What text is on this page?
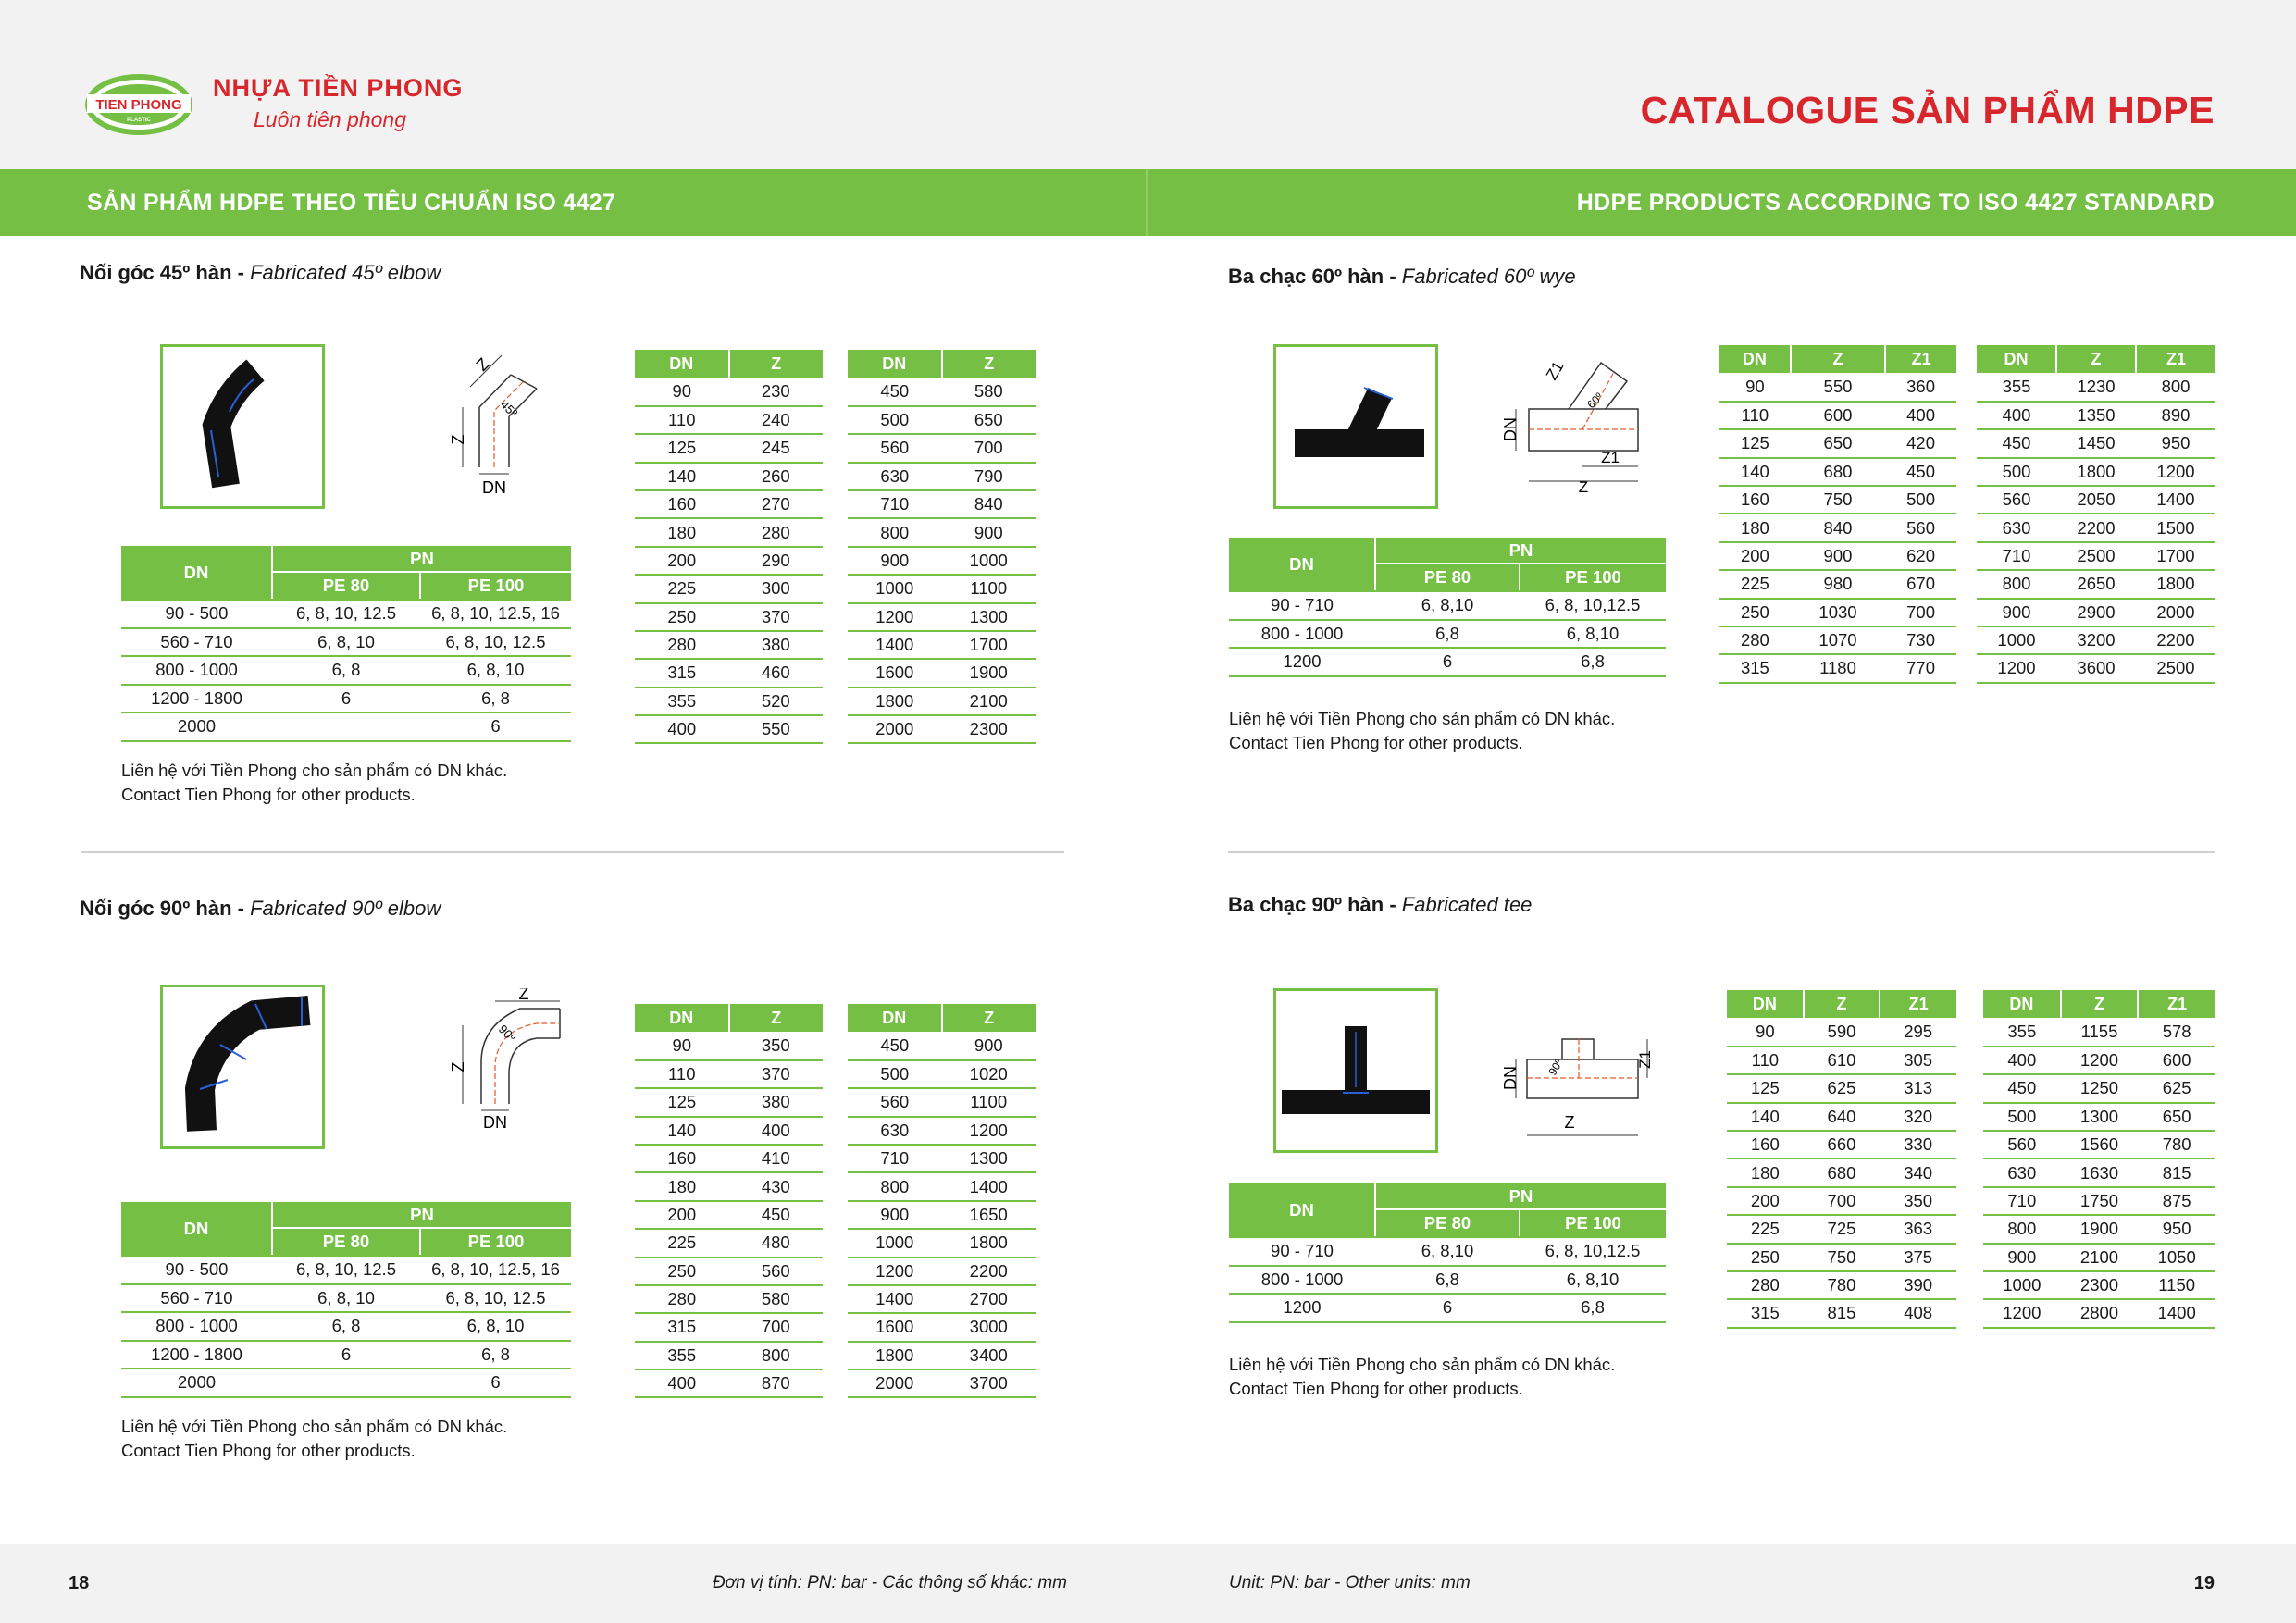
TIEN PHONG
PLASTIC
NHỰA TIỀN PHONG
Luôn tiên phong	CATALOGUE SẢN PHẨM HDPE
SẢN PHẨM HDPE THEO TIÊU CHUẨN ISO 4427	HDPE PRODUCTS ACCORDING TO ISO 4427 STANDARD
Nối góc 45º hàn - Fabricated 45º elbow
Z
Z
45º
DN
DN	PN	
	PE 80	PE 100
90 - 500	6, 8, 10, 12.5	6, 8, 10, 12.5, 16
560 - 710	6, 8, 10	6, 8, 10, 12.5
800 - 1000	6, 8	6, 8, 10
1200 - 1800	6	6, 8
2000		6
DN	Z
90	230
110	240
125	245
140	260
160	270
180	280
200	290
225	300
250	370
280	380
315	460
355	520
400	550
DN	Z
450	580
500	650
560	700
630	790
710	840
800	900
900	1000
1000	1100
1200	1300
1400	1700
1600	1900
1800	2100
2000	2300
Liên hệ với Tiền Phong cho sản phẩm có DN khác.
Contact Tien Phong for other products.
Nối góc 90º hàn - Fabricated 90º elbow
Z
Z
90º
DN
DN	PN	
	PE 80	PE 100
90 - 500	6, 8, 10, 12.5	6, 8, 10, 12.5, 16
560 - 710	6, 8, 10	6, 8, 10, 12.5
800 - 1000	6, 8	6, 8, 10
1200 - 1800	6	6, 8
2000		6
DN	Z
90	350
110	370
125	380
140	400
160	410
180	430
200	450
225	480
250	560
280	580
315	700
355	800
400	870
DN	Z
450	900
500	1020
560	1100
630	1200
710	1300
800	1400
900	1650
1000	1800
1200	2200
1400	2700
1600	3000
1800	3400
2000	3700
Liên hệ với Tiền Phong cho sản phẩm có DN khác.
Contact Tien Phong for other products.
Ba chạc 60º hàn - Fabricated 60º wye
DN
Z1
60º
Z1
Z
DN	PN	
	PE 80	PE 100
90 - 710	6, 8,10	6, 8, 10,12.5
800 - 1000	6,8	6, 8,10
1200	6	6,8
DN	Z	Z1
90	550	360
110	600	400
125	650	420
140	680	450
160	750	500
180	840	560
200	900	620
225	980	670
250	1030	700
280	1070	730
315	1180	770
DN	Z	Z1
355	1230	800
400	1350	890
450	1450	950
500	1800	1200
560	2050	1400
630	2200	1500
710	2500	1700
800	2650	1800
900	2900	2000
1000	3200	2200
1200	3600	2500
Liên hệ với Tiền Phong cho sản phẩm có DN khác.
Contact Tien Phong for other products.
Ba chạc 90º hàn - Fabricated tee
DN
Z1
90º
Z
DN	PN	
	PE 80	PE 100
90 - 710	6, 8,10	6, 8, 10,12.5
800 - 1000	6,8	6, 8,10
1200	6	6,8
DN	Z	Z1
90	590	295
110	610	305
125	625	313
140	640	320
160	660	330
180	680	340
200	700	350
225	725	363
250	750	375
280	780	390
315	815	408
DN	Z	Z1
355	1155	578
400	1200	600
450	1250	625
500	1300	650
560	1560	780
630	1630	815
710	1750	875
800	1900	950
900	2100	1050
1000	2300	1150
1200	2800	1400
Liên hệ với Tiền Phong cho sản phẩm có DN khác.
Contact Tien Phong for other products.
18	Đơn vị tính: PN: bar - Các thông số khác: mm	Unit: PN: bar - Other units: mm	19
